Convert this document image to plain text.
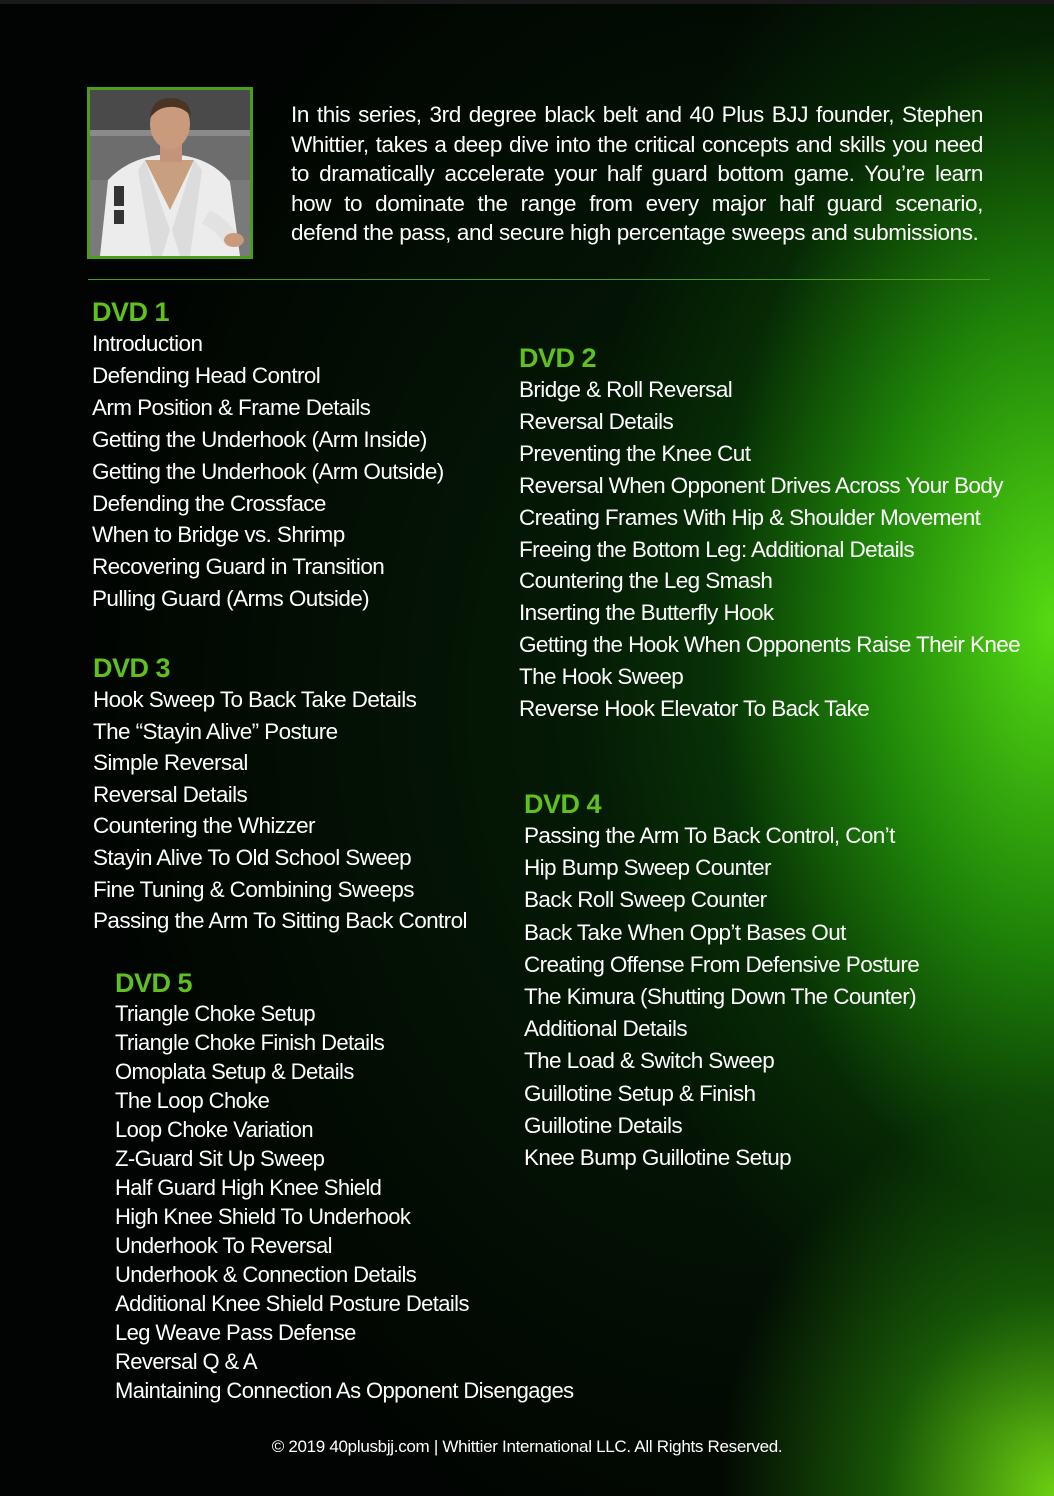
In this series, 3rd degree black belt and 40 Plus BJJ founder, Stephen Whittier, takes a deep dive into the critical concepts and skills you need to dramatically accelerate your half guard bottom game. You’re learn how to dominate the range from every major half guard scenario, defend the pass, and secure high percentage sweeps and submissions.

DVD 1
Introduction
Defending Head Control
Arm Position & Frame Details
Getting the Underhook (Arm Inside)
Getting the Underhook (Arm Outside)
Defending the Crossface
When to Bridge vs. Shrimp
Recovering Guard in Transition
Pulling Guard (Arms Outside)
DVD 2
Bridge & Roll Reversal
Reversal Details
Preventing the Knee Cut
Reversal When Opponent Drives Across Your Body
Creating Frames With Hip & Shoulder Movement
Freeing the Bottom Leg: Additional Details
Countering the Leg Smash
Inserting the Butterfly Hook
Getting the Hook When Opponents Raise Their Knee
The Hook Sweep
Reverse Hook Elevator To Back Take
DVD 3
Hook Sweep To Back Take Details
The “Stayin Alive” Posture
Simple Reversal
Reversal Details
Countering the Whizzer
Stayin Alive To Old School Sweep
Fine Tuning & Combining Sweeps
Passing the Arm To Sitting Back Control
DVD 4
Passing the Arm To Back Control, Con’t
Hip Bump Sweep Counter
Back Roll Sweep Counter
Back Take When Opp’t Bases Out
Creating Offense From Defensive Posture
The Kimura (Shutting Down The Counter)
Additional Details
The Load & Switch Sweep
Guillotine Setup & Finish
Guillotine Details
Knee Bump Guillotine Setup
DVD 5
Triangle Choke Setup
Triangle Choke Finish Details
Omoplata Setup & Details
The Loop Choke
Loop Choke Variation
Z-Guard Sit Up Sweep
Half Guard High Knee Shield
High Knee Shield To Underhook
Underhook To Reversal
Underhook & Connection Details
Additional Knee Shield Posture Details
Leg Weave Pass Defense
Reversal Q & A
Maintaining Connection As Opponent Disengages
© 2019 40plusbjj.com | Whittier International LLC. All Rights Reserved.
